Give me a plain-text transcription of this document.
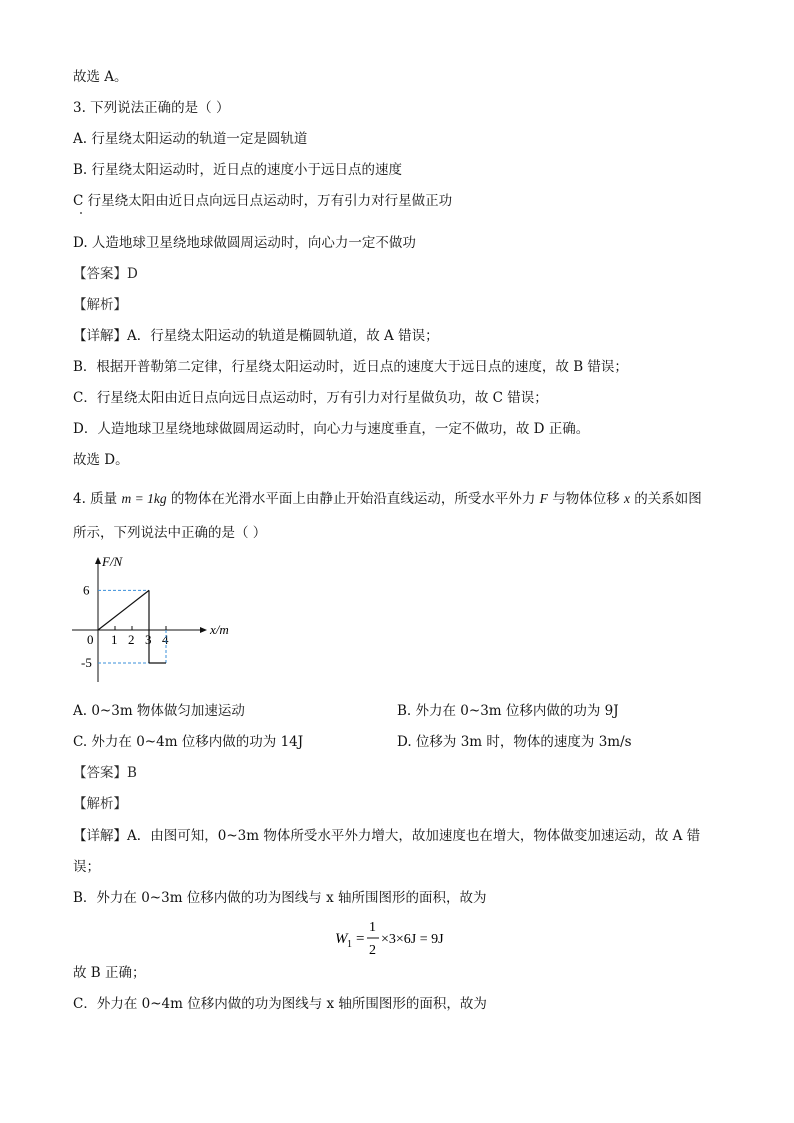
故选 A。
3. 下列说法正确的是（ ）
A. 行星绕太阳运动的轨道一定是圆轨道
B. 行星绕太阳运动时，近日点的速度小于远日点的速度
C 行星绕太阳由近日点向远日点运动时，万有引力对行星做正功
D. 人造地球卫星绕地球做圆周运动时，向心力一定不做功
【答案】D
【解析】
【详解】A．行星绕太阳运动的轨道是椭圆轨道，故 A 错误；
B．根据开普勒第二定律，行星绕太阳运动时，近日点的速度大于远日点的速度，故 B 错误；
C．行星绕太阳由近日点向远日点运动时，万有引力对行星做负功，故 C 错误；
D．人造地球卫星绕地球做圆周运动时，向心力与速度垂直，一定不做功，故 D 正确。
故选 D。
4. 质量 m = 1kg 的物体在光滑水平面上由静止开始沿直线运动，所受水平外力 F 与物体位移 x 的关系如图
所示，下列说法中正确的是（ ）
F/N
x/m
0 1 2 3 4
6
-5
A. 0~3m 物体做匀加速运动	B. 外力在 0~3m 位移内做的功为 9J
C. 外力在 0~4m 位移内做的功为 14J	D. 位移为 3m 时，物体的速度为 3m/s
【答案】B
【解析】
【详解】A．由图可知，0~3m 物体所受水平外力增大，故加速度也在增大，物体做变加速运动，故 A 错
误；
B．外力在 0~3m 位移内做的功为图线与 x 轴所围图形的面积，故为
W 1 =
1
2
×3×6J = 9J
故 B 正确；
C．外力在 0~4m 位移内做的功为图线与 x 轴所围图形的面积，故为
